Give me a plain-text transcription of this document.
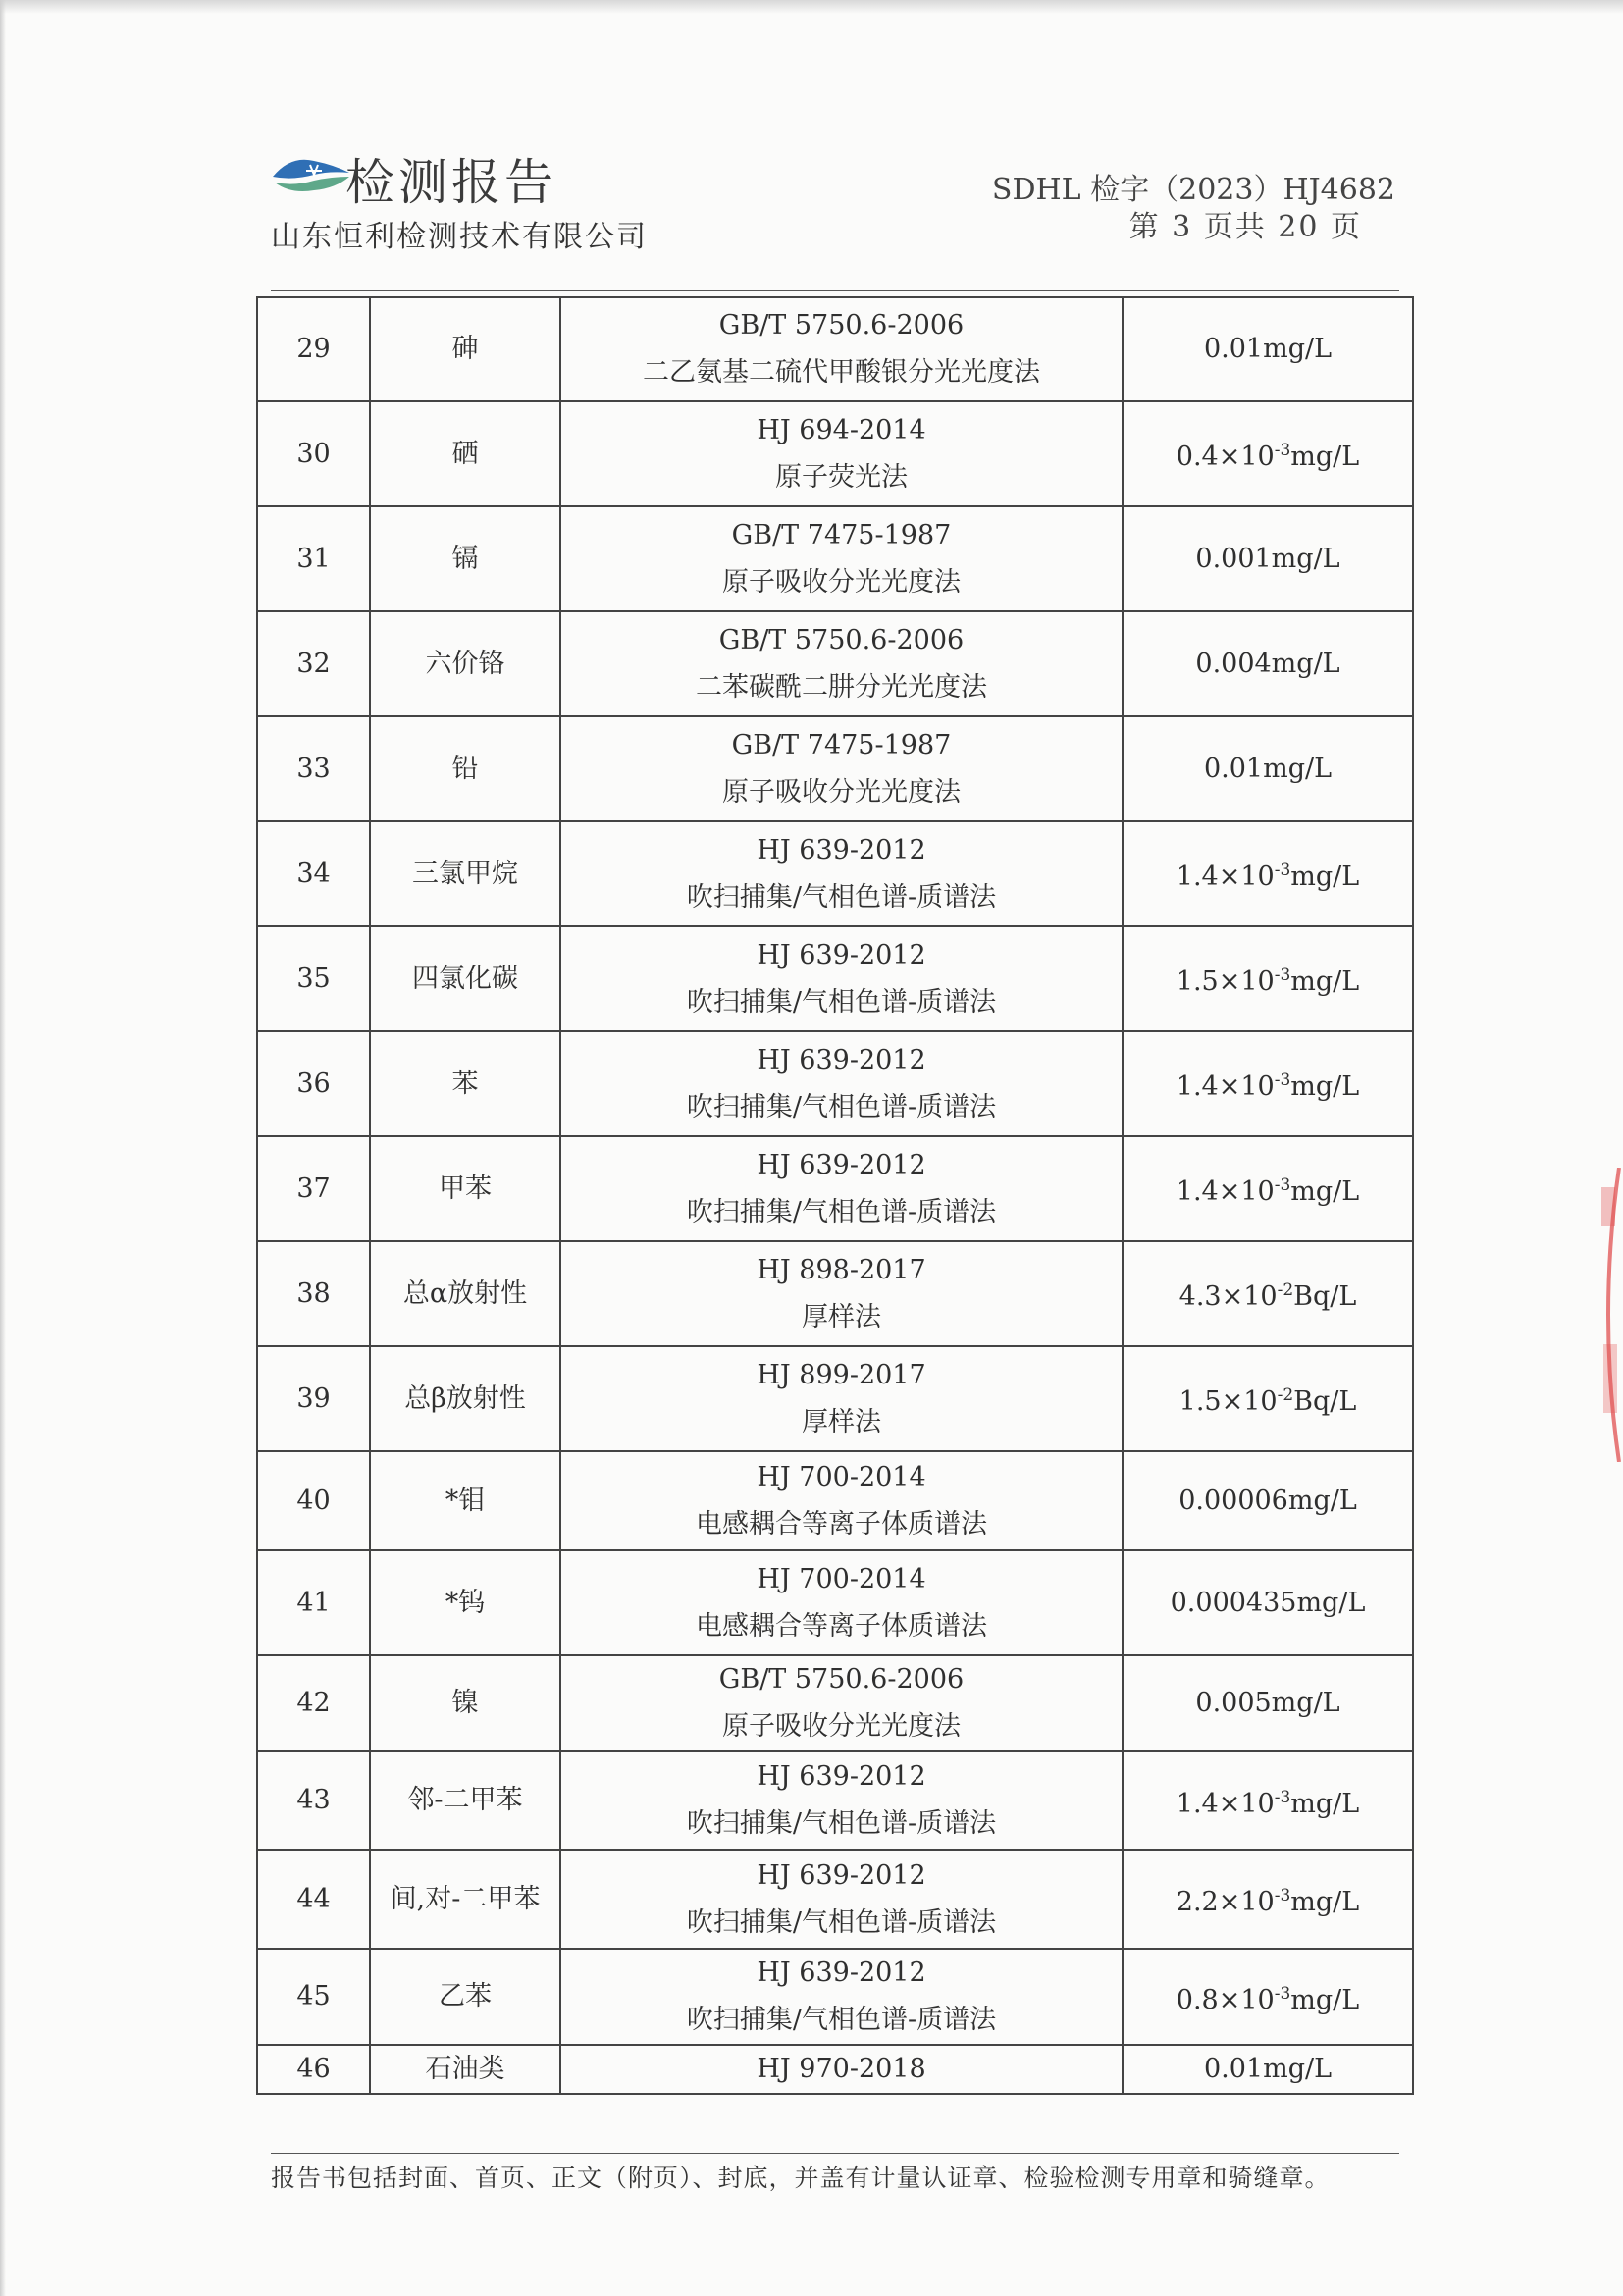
检测报告
山东恒利检测技术有限公司
SDHL 检字（2023）HJ4682
第 3 页共 20 页
29	砷	GB/T 5750.6-2006
二乙氨基二硫代甲酸银分光光度法	0.01mg/L
30	硒	HJ 694-2014
原子荧光法	$0.4\times 10^{-3}mg/L$
31	镉	GB/T 7475-1987
原子吸收分光光度法	0.001mg/L
32	六价铬	GB/T 5750.6-2006
二苯碳酰二肼分光光度法	0.004mg/L
33	铅	GB/T 7475-1987
原子吸收分光光度法	0.01mg/L
34	三氯甲烷	HJ 639-2012
吹扫捕集/气相色谱-质谱法	$1.4\times 10^{-3}mg/L$
35	四氯化碳	HJ 639-2012
吹扫捕集/气相色谱-质谱法	$1.5\times 10^{-3}mg/L$
36	苯	HJ 639-2012
吹扫捕集/气相色谱-质谱法	$1.4\times 10^{-3}mg/L$
37	甲苯	HJ 639-2012
吹扫捕集/气相色谱-质谱法	$1.4\times 10^{-3}mg/L$
38	总α放射性	HJ 898-2017
厚样法	$4.3\times 10^{-2}Bq/L$
39	总β放射性	HJ 899-2017
厚样法	$1.5\times 10^{-2}Bq/L$
40	*钼	HJ 700-2014
电感耦合等离子体质谱法	0.00006mg/L
41	*钨	HJ 700-2014
电感耦合等离子体质谱法	0.000435mg/L
42	镍	GB/T 5750.6-2006
原子吸收分光光度法	0.005mg/L
43	邻-二甲苯	HJ 639-2012
吹扫捕集/气相色谱-质谱法	$1.4\times 10^{-3}mg/L$
44	间,对-二甲苯	HJ 639-2012
吹扫捕集/气相色谱-质谱法	$2.2\times 10^{-3}mg/L$
45	乙苯	HJ 639-2012
吹扫捕集/气相色谱-质谱法	$0.8\times 10^{-3}mg/L$
46	石油类	HJ 970-2018	0.01mg/L
报告书包括封面、首页、正文（附页）、封底，并盖有计量认证章、检验检测专用章和骑缝章。
